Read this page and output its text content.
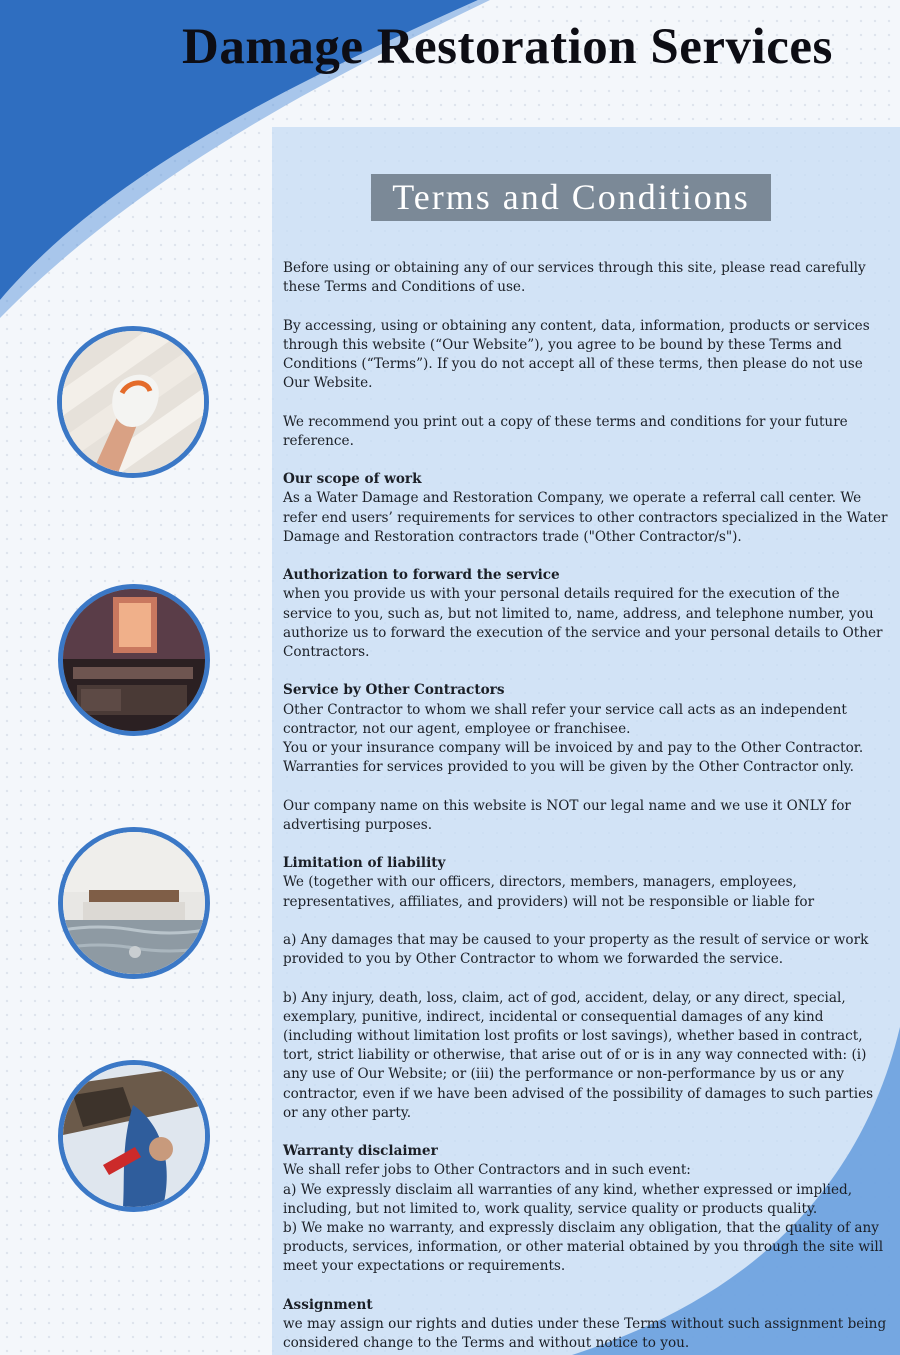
Damage Restoration Services
Terms and Conditions

Before using or obtaining any of our services through this site, please read carefully these Terms and Conditions of use.

By accessing, using or obtaining any content, data, information, products or services through this website (“Our Website”), you agree to be bound by these Terms and Conditions (“Terms”). If you do not accept all of these terms, then please do not use Our Website.

We recommend you print out a copy of these terms and conditions for your future reference.

Our scope of work
As a Water Damage and Restoration Company, we operate a referral call center. We refer end users’ requirements for services to other contractors specialized in the Water Damage and Restoration contractors trade ("Other Contractor/s").

Authorization to forward the service
when you provide us with your personal details required for the execution of the service to you, such as, but not limited to, name, address, and telephone number, you authorize us to forward the execution of the service and your personal details to Other Contractors.

Service by Other Contractors
Other Contractor to whom we shall refer your service call acts as an independent contractor, not our agent, employee or franchisee.
You or your insurance company will be invoiced by and pay to the Other Contractor.
Warranties for services provided to you will be given by the Other Contractor only.

Our company name on this website is NOT our legal name and we use it ONLY for advertising purposes.

Limitation of liability
We (together with our officers, directors, members, managers, employees, representatives, affiliates, and providers) will not be responsible or liable for

a) Any damages that may be caused to your property as the result of service or work provided to you by Other Contractor to whom we forwarded the service.

b) Any injury, death, loss, claim, act of god, accident, delay, or any direct, special, exemplary, punitive, indirect, incidental or consequential damages of any kind (including without limitation lost profits or lost savings), whether based in contract, tort, strict liability or otherwise, that arise out of or is in any way connected with: (i) any use of Our Website; or (iii) the performance or non-performance by us or any contractor, even if we have been advised of the possibility of damages to such parties or any other party.

Warranty disclaimer
We shall refer jobs to Other Contractors and in such event:
a) We expressly disclaim all warranties of any kind, whether expressed or implied, including, but not limited to, work quality, service quality or products quality.
b) We make no warranty, and expressly disclaim any obligation, that the quality of any products, services, information, or other material obtained by you through the site will meet your expectations or requirements.

Assignment
we may assign our rights and duties under these Terms without such assignment being considered change to the Terms and without notice to you.
